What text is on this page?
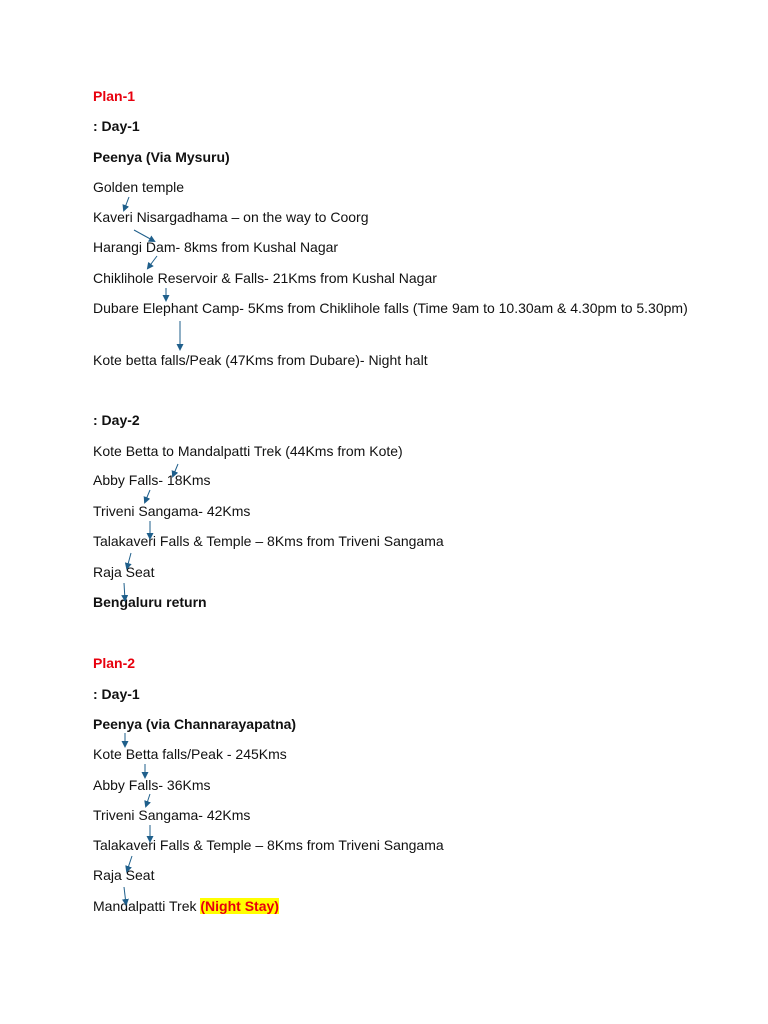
Plan-1
: Day-1
Peenya (Via Mysuru)
Golden temple
Kaveri Nisargadhama – on the way to Coorg
Harangi Dam- 8kms from Kushal Nagar
Chiklihole Reservoir & Falls- 21Kms from Kushal Nagar
Dubare Elephant Camp- 5Kms from Chiklihole falls (Time 9am to 10.30am & 4.30pm to 5.30pm)
Kote betta falls/Peak (47Kms from Dubare)- Night halt
: Day-2
Kote Betta to Mandalpatti Trek (44Kms from Kote)
Abby Falls- 18Kms
Triveni Sangama- 42Kms
Talakaveri Falls & Temple – 8Kms from Triveni Sangama
Raja Seat
Bengaluru return
Plan-2
: Day-1
Peenya (via Channarayapatna)
Kote Betta falls/Peak - 245Kms
Abby Falls- 36Kms
Triveni Sangama- 42Kms
Talakaveri Falls & Temple – 8Kms from Triveni Sangama
Raja Seat
Mandalpatti Trek (Night Stay)
